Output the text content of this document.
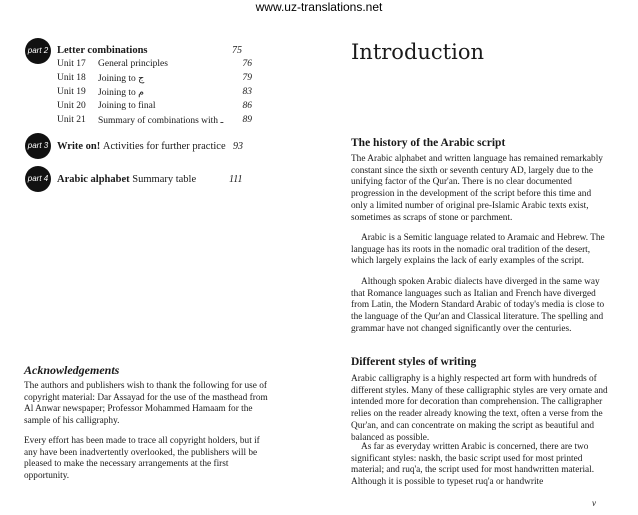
www.uz-translations.net
part 2 Letter combinations	75
Unit 17 General principles	76
Unit 18 Joining to ج	79
Unit 19 Joining to م	83
Unit 20 Joining to final	86
Unit 21 Summary of combinations with ـ 89
part 3 Write on! Activities for further practice 93
part 4 Arabic alphabet Summary table	111
Acknowledgements
The authors and publishers wish to thank the following for use of copyright material: Dar Assayad for the use of the masthead from Al Anwar newspaper; Professor Mohammed Hamaam for the sample of his calligraphy.
Every effort has been made to trace all copyright holders, but if any have been inadvertently overlooked, the publishers will be pleased to make the necessary arrangements at the first opportunity.
Introduction
The history of the Arabic script
The Arabic alphabet and written language has remained remarkably constant since the sixth or seventh century AD, largely due to the unifying factor of the Qur'an. There is no clear documented progression in the development of the script before this time and only a limited number of original pre-Islamic Arabic texts exist, sometimes as scraps of stone or parchment.
Arabic is a Semitic language related to Aramaic and Hebrew. The language has its roots in the nomadic oral tradition of the desert, which largely explains the lack of early examples of the script.
Although spoken Arabic dialects have diverged in the same way that Romance languages such as Italian and French have diverged from Latin, the Modern Standard Arabic of today's media is close to the language of the Qur'an and Classical literature. The spelling and grammar have not changed significantly over the centuries.
Different styles of writing
Arabic calligraphy is a highly respected art form with hundreds of different styles. Many of these calligraphic styles are very ornate and intended more for decoration than comprehension. The calligrapher relies on the reader already knowing the text, often a verse from the Qur'an, and can concentrate on making the script as beautiful and balanced as possible.
As far as everyday written Arabic is concerned, there are two significant styles: naskh, the basic script used for most printed material; and ruq'a, the script used for most handwritten material. Although it is possible to typeset ruq'a or handwrite
v
